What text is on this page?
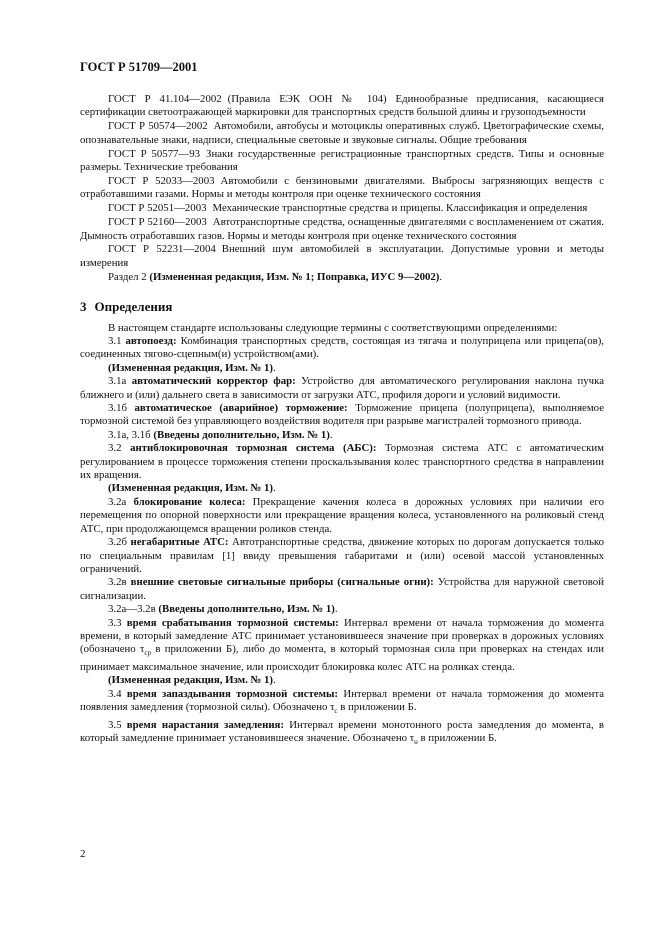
ГОСТ Р 51709—2001

ГОСТ Р 41.104—2002 (Правила ЕЭК ООН № 104) Единообразные предписания, касающиеся сертификации светоотражающей маркировки для транспортных средств большой длины и грузоподъемности

ГОСТ Р 50574—2002 Автомобили, автобусы и мотоциклы оперативных служб. Цветографические схемы, опознавательные знаки, надписи, специальные световые и звуковые сигналы. Общие требования

ГОСТ Р 50577—93 Знаки государственные регистрационные транспортных средств. Типы и основные размеры. Технические требования

ГОСТ Р 52033—2003 Автомобили с бензиновыми двигателями. Выбросы загрязняющих веществ с отработавшими газами. Нормы и методы контроля при оценке технического состояния

ГОСТ Р 52051—2003 Механические транспортные средства и прицепы. Классификация и определения

ГОСТ Р 52160—2003 Автотранспортные средства, оснащенные двигателями с воспламенением от сжатия. Дымность отработавших газов. Нормы и методы контроля при оценке технического состояния

ГОСТ Р 52231—2004 Внешний шум автомобилей в эксплуатации. Допустимые уровни и методы измерения

Раздел 2 (Измененная редакция, Изм. № 1; Поправка, ИУС 9—2002).

3 Определения

В настоящем стандарте использованы следующие термины с соответствующими определениями:

3.1 автопоезд: Комбинация транспортных средств, состоящая из тягача и полуприцепа или прицепа(ов), соединенных тягово-сцепным(и) устройством(ами).

(Измененная редакция, Изм. № 1).

3.1а автоматический корректор фар: Устройство для автоматического регулирования наклона пучка ближнего и (или) дальнего света в зависимости от загрузки АТС, профиля дороги и условий видимости.

3.1б автоматическое (аварийное) торможение: Торможение прицепа (полуприцепа), выполняемое тормозной системой без управляющего воздействия водителя при разрыве магистралей тормозного привода.

3.1а, 3.1б (Введены дополнительно, Изм. № 1).

3.2 антиблокировочная тормозная система (АБС): Тормозная система АТС с автоматическим регулированием в процессе торможения степени проскальзывания колес транспортного средства в направлении их вращения.

(Измененная редакция, Изм. № 1).

3.2а блокирование колеса: Прекращение качения колеса в дорожных условиях при наличии его перемещения по опорной поверхности или прекращение вращения колеса, установленного на роликовый стенд АТС, при продолжающемся вращении роликов стенда.

3.2б негабаритные АТС: Автотранспортные средства, движение которых по дорогам допускается только по специальным правилам [1] ввиду превышения габаритами и (или) осевой массой установленных ограничений.

3.2в внешние световые сигнальные приборы (сигнальные огни): Устройства для наружной световой сигнализации.

3.2а—3.2в (Введены дополнительно, Изм. № 1).

3.3 время срабатывания тормозной системы: Интервал времени от начала торможения до момента времени, в который замедление АТС принимает установившееся значение при проверках в дорожных условиях (обозначено $\tau_{ср}$ в приложении Б), либо до момента, в который тормозная сила при проверках на стендах или принимает максимальное значение, или происходит блокировка колес АТС на роликах стенда.

(Измененная редакция, Изм. № 1).

3.4 время запаздывания тормозной системы: Интервал времени от начала торможения до момента появления замедления (тормозной силы). Обозначено $\tau_с$ в приложении Б.

3.5 время нарастания замедления: Интервал времени монотонного роста замедления до момента, в который замедление принимает установившееся значение. Обозначено $\tau_н$ в приложении Б.

2
